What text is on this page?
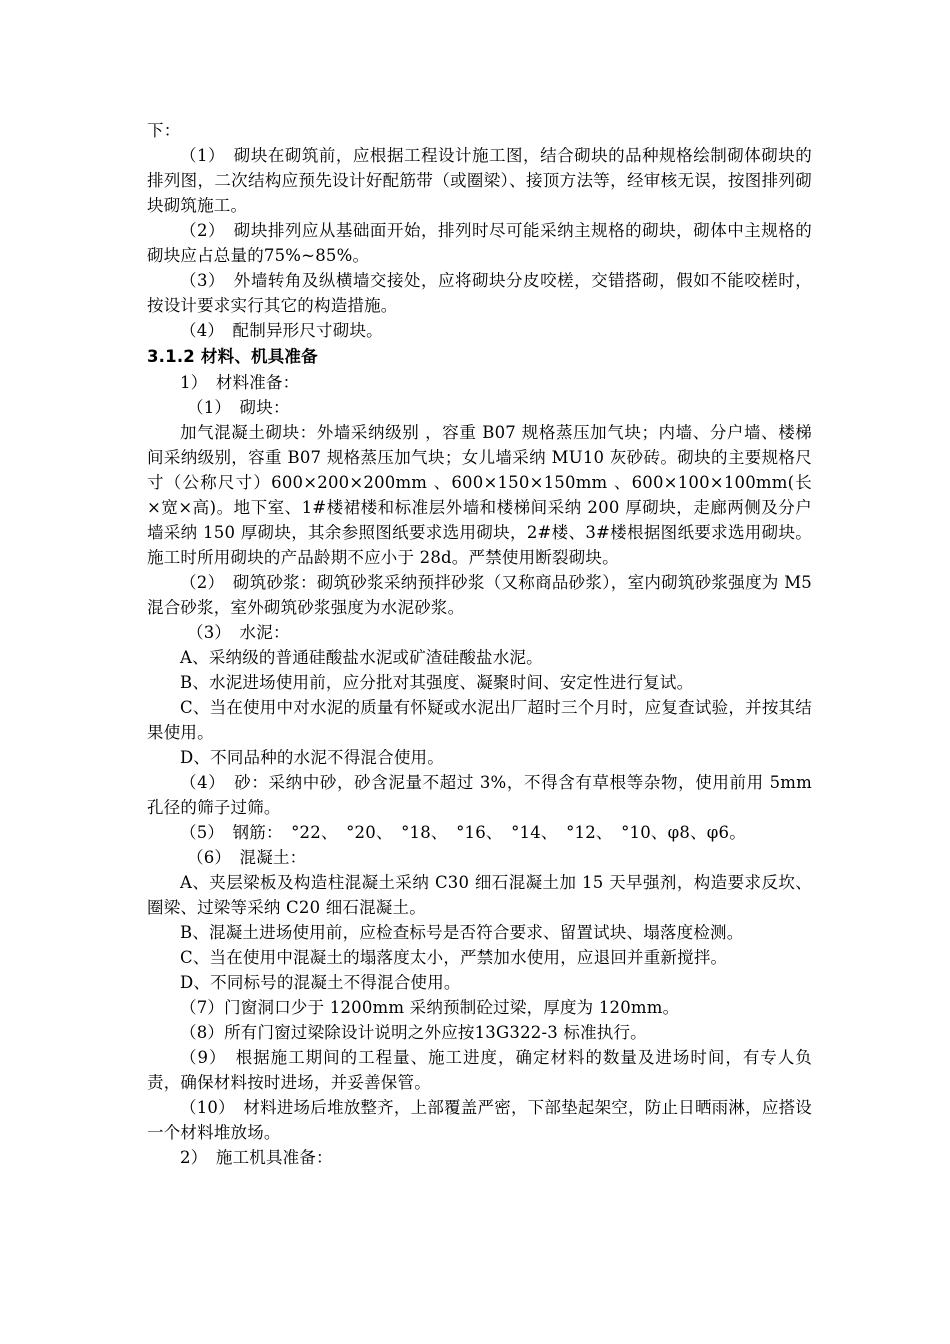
下：

（1）　砌块在砌筑前，应根据工程设计施工图，结合砌块的品种规格绘制砌体砌块的排列图，二次结构应预先设计好配筋带（或圈梁）、接顶方法等，经审核无误，按图排列砌块砌筑施工。

（2）　砌块排列应从基础面开始，排列时尽可能采纳主规格的砌块，砌体中主规格的砌块应占总量的75%~85%。

（3）　外墙转角及纵横墙交接处，应将砌块分皮咬槎，交错搭砌，假如不能咬槎时，按设计要求实行其它的构造措施。

（4）　配制异形尺寸砌块。

3.1.2 材料、机具准备

1）　材料准备：

（1）　砌块：

加气混凝土砌块：外墙采纳级别 ，容重 B07 规格蒸压加气块；内墙、分户墙、楼梯间采纳级别，容重 B07 规格蒸压加气块；女儿墙采纳 MU10 灰砂砖。砌块的主要规格尺寸（公称尺寸）600×200×200mm 、600×150×150mm 、600×100×100mm(长×宽×高)。地下室、1#楼裙楼和标准层外墙和楼梯间采纳 200 厚砌块，走廊两侧及分户墙采纳 150 厚砌块，其余参照图纸要求选用砌块，2#楼、3#楼根据图纸要求选用砌块。施工时所用砌块的产品龄期不应小于 28d。严禁使用断裂砌块。

（2）　砌筑砂浆：砌筑砂浆采纳预拌砂浆（又称商品砂浆），室内砌筑砂浆强度为 M5 混合砂浆，室外砌筑砂浆强度为水泥砂浆。

（3）　水泥：

A、采纳级的普通硅酸盐水泥或矿渣硅酸盐水泥。

B、水泥进场使用前，应分批对其强度、凝聚时间、安定性进行复试。

C、当在使用中对水泥的质量有怀疑或水泥出厂超时三个月时，应复查试验，并按其结果使用。

D、不同品种的水泥不得混合使用。

（4）　砂：采纳中砂，砂含泥量不超过 3%，不得含有草根等杂物，使用前用 5mm 孔径的筛子过筛。

（5）　钢筋：　°22、　°20、　°18、　°16、　°14、　°12、　°10、φ8、φ6。

（6）　混凝土：

A、夹层梁板及构造柱混凝土采纳 C30 细石混凝土加 15 天早强剂，构造要求反坎、圈梁、过梁等采纳 C20 细石混凝土。

B、混凝土进场使用前，应检查标号是否符合要求、留置试块、塌落度检测。

C、当在使用中混凝土的塌落度太小，严禁加水使用，应退回并重新搅拌。

D、不同标号的混凝土不得混合使用。

（7）门窗洞口少于 1200mm 采纳预制砼过梁，厚度为 120mm。

（8）所有门窗过梁除设计说明之外应按13G322-3 标准执行。

（9）　根据施工期间的工程量、施工进度，确定材料的数量及进场时间，有专人负责，确保材料按时进场，并妥善保管。

（10）　材料进场后堆放整齐，上部覆盖严密，下部垫起架空，防止日晒雨淋，应搭设一个材料堆放场。

2）　施工机具准备：
